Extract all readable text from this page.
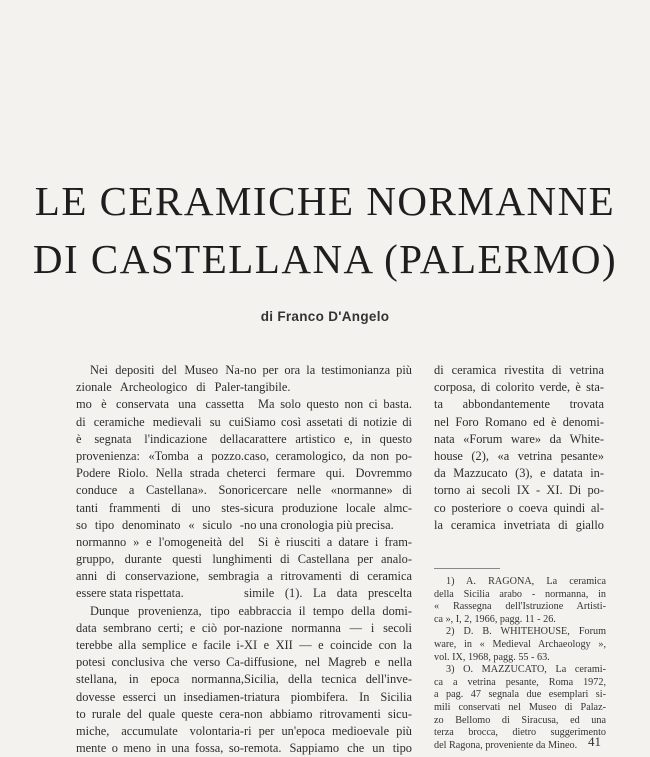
LE CERAMICHE NORMANNE
DI CASTELLANA (PALERMO)
di Franco D'Angelo
Nei depositi del Museo Na-
zionale Archeologico di Paler-
mo è conservata una cassetta
di ceramiche medievali su cui
è segnata l'indicazione della
provenienza: «Tomba a pozzo.
Podere Riolo. Nella strada che
conduce a Castellana». Sono
tanti frammenti di uno stes-
so tipo denominato « siculo -
normanno » e l'omogeneità del
gruppo, durante questi lunghi
anni di conservazione, sembra
essere stata rispettata.
Dunque provenienza, tipo e
data sembrano certi; e ciò por-
terebbe alla semplice e facile i-
potesi conclusiva che verso Ca-
stellana, in epoca normanna,
dovesse esserci un insediamen-
to rurale del quale queste cera-
miche, accumulate volontaria-
mente o meno in una fossa, so-
no per ora la testimonianza più
tangibile.
Ma solo questo non ci basta.
Siamo così assetati di notizie di
carattere artistico e, in questo
caso, ceramologico, da non po-
terci fermare qui. Dovremmo
ricercare nelle «normanne» di
sicura produzione locale almc-
no una cronologia più precisa.
Si è riusciti a datare i fram-
menti di Castellana per analo-
gia a ritrovamenti di ceramica
simile (1). La data prescelta
abbraccia il tempo della domi-
nazione normanna — i secoli
XI e XII — e coincide con la
diffusione, nel Magreb e nella
Sicilia, della tecnica dell'inve-
triatura piombifera. In Sicilia
non abbiamo ritrovamenti sicu-
ri per un'epoca medioevale più
remota. Sappiamo che un tipo
di ceramica rivestita di vetrina
corposa, di colorito verde, è sta-
ta abbondantemente trovata
nel Foro Romano ed è denomi-
nata «Forum ware» da White-
house (2), «a vetrina pesante»
da Mazzucato (3), e datata in-
torno ai secoli IX - XI. Di po-
co posteriore o coeva quindi al-
la ceramica invetriata di giallo
1) A. RAGONA, La ceramica
della Sicilia arabo - normanna, in
« Rassegna dell'Istruzione Artisti-
ca », I, 2, 1966, pagg. 11 - 26.
2) D. B. WHITEHOUSE, Forum
ware, in « Medieval Archaeology »,
vol. IX, 1968, pagg. 55 - 63.
3) O. MAZZUCATO, La cerami-
ca a vetrina pesante, Roma 1972,
a pag. 47 segnala due esemplari si-
mili conservati nel Museo di Palaz-
zo Bellomo di Siracusa, ed una
terza brocca, dietro suggerimento
del Ragona, proveniente da Mineo. 41
